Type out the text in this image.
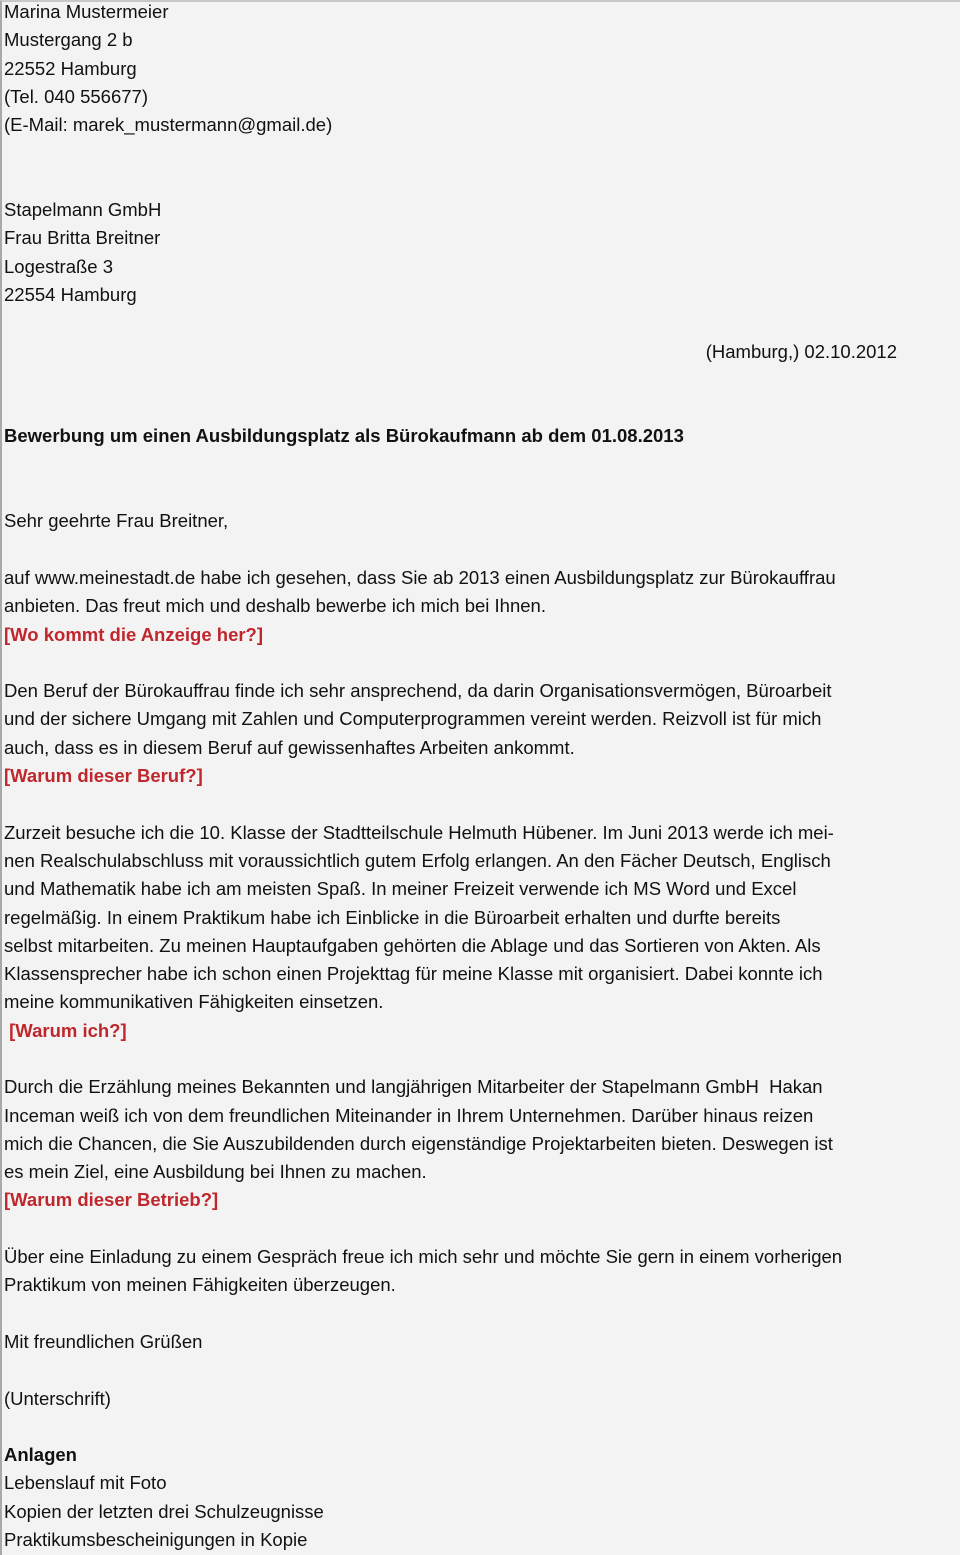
Marina Mustermeier
Mustergang 2 b
22552 Hamburg
(Tel. 040 556677)
(E-Mail: marek_mustermann@gmail.de)
Stapelmann GmbH
Frau Britta Breitner
Logestraße 3
22554 Hamburg
(Hamburg,) 02.10.2012
Bewerbung um einen Ausbildungsplatz als Bürokaufmann ab dem 01.08.2013
Sehr geehrte Frau Breitner,
auf www.meinestadt.de habe ich gesehen, dass Sie ab 2013 einen Ausbildungsplatz zur Bürokauffrau
anbieten. Das freut mich und deshalb bewerbe ich mich bei Ihnen.
[Wo kommt die Anzeige her?]
Den Beruf der Bürokauffrau finde ich sehr ansprechend, da darin Organisationsvermögen, Büroarbeit
und der sichere Umgang mit Zahlen und Computerprogrammen vereint werden. Reizvoll ist für mich
auch, dass es in diesem Beruf auf gewissenhaftes Arbeiten ankommt.
[Warum dieser Beruf?]
Zurzeit besuche ich die 10. Klasse der Stadtteilschule Helmuth Hübener. Im Juni 2013 werde ich mei-
nen Realschulabschluss mit voraussichtlich gutem Erfolg erlangen. An den Fächer Deutsch, Englisch
und Mathematik habe ich am meisten Spaß. In meiner Freizeit verwende ich MS Word und Excel
regelmäßig. In einem Praktikum habe ich Einblicke in die Büroarbeit erhalten und durfte bereits
selbst mitarbeiten. Zu meinen Hauptaufgaben gehörten die Ablage und das Sortieren von Akten. Als
Klassensprecher habe ich schon einen Projekttag für meine Klasse mit organisiert. Dabei konnte ich
meine kommunikativen Fähigkeiten einsetzen.
[Warum ich?]
Durch die Erzählung meines Bekannten und langjährigen Mitarbeiter der Stapelmann GmbH  Hakan
Inceman weiß ich von dem freundlichen Miteinander in Ihrem Unternehmen. Darüber hinaus reizen
mich die Chancen, die Sie Auszubildenden durch eigenständige Projektarbeiten bieten. Deswegen ist
es mein Ziel, eine Ausbildung bei Ihnen zu machen.
[Warum dieser Betrieb?]
Über eine Einladung zu einem Gespräch freue ich mich sehr und möchte Sie gern in einem vorherigen
Praktikum von meinen Fähigkeiten überzeugen.
Mit freundlichen Grüßen
(Unterschrift)
Anlagen
Lebenslauf mit Foto
Kopien der letzten drei Schulzeugnisse
Praktikumsbescheinigungen in Kopie
